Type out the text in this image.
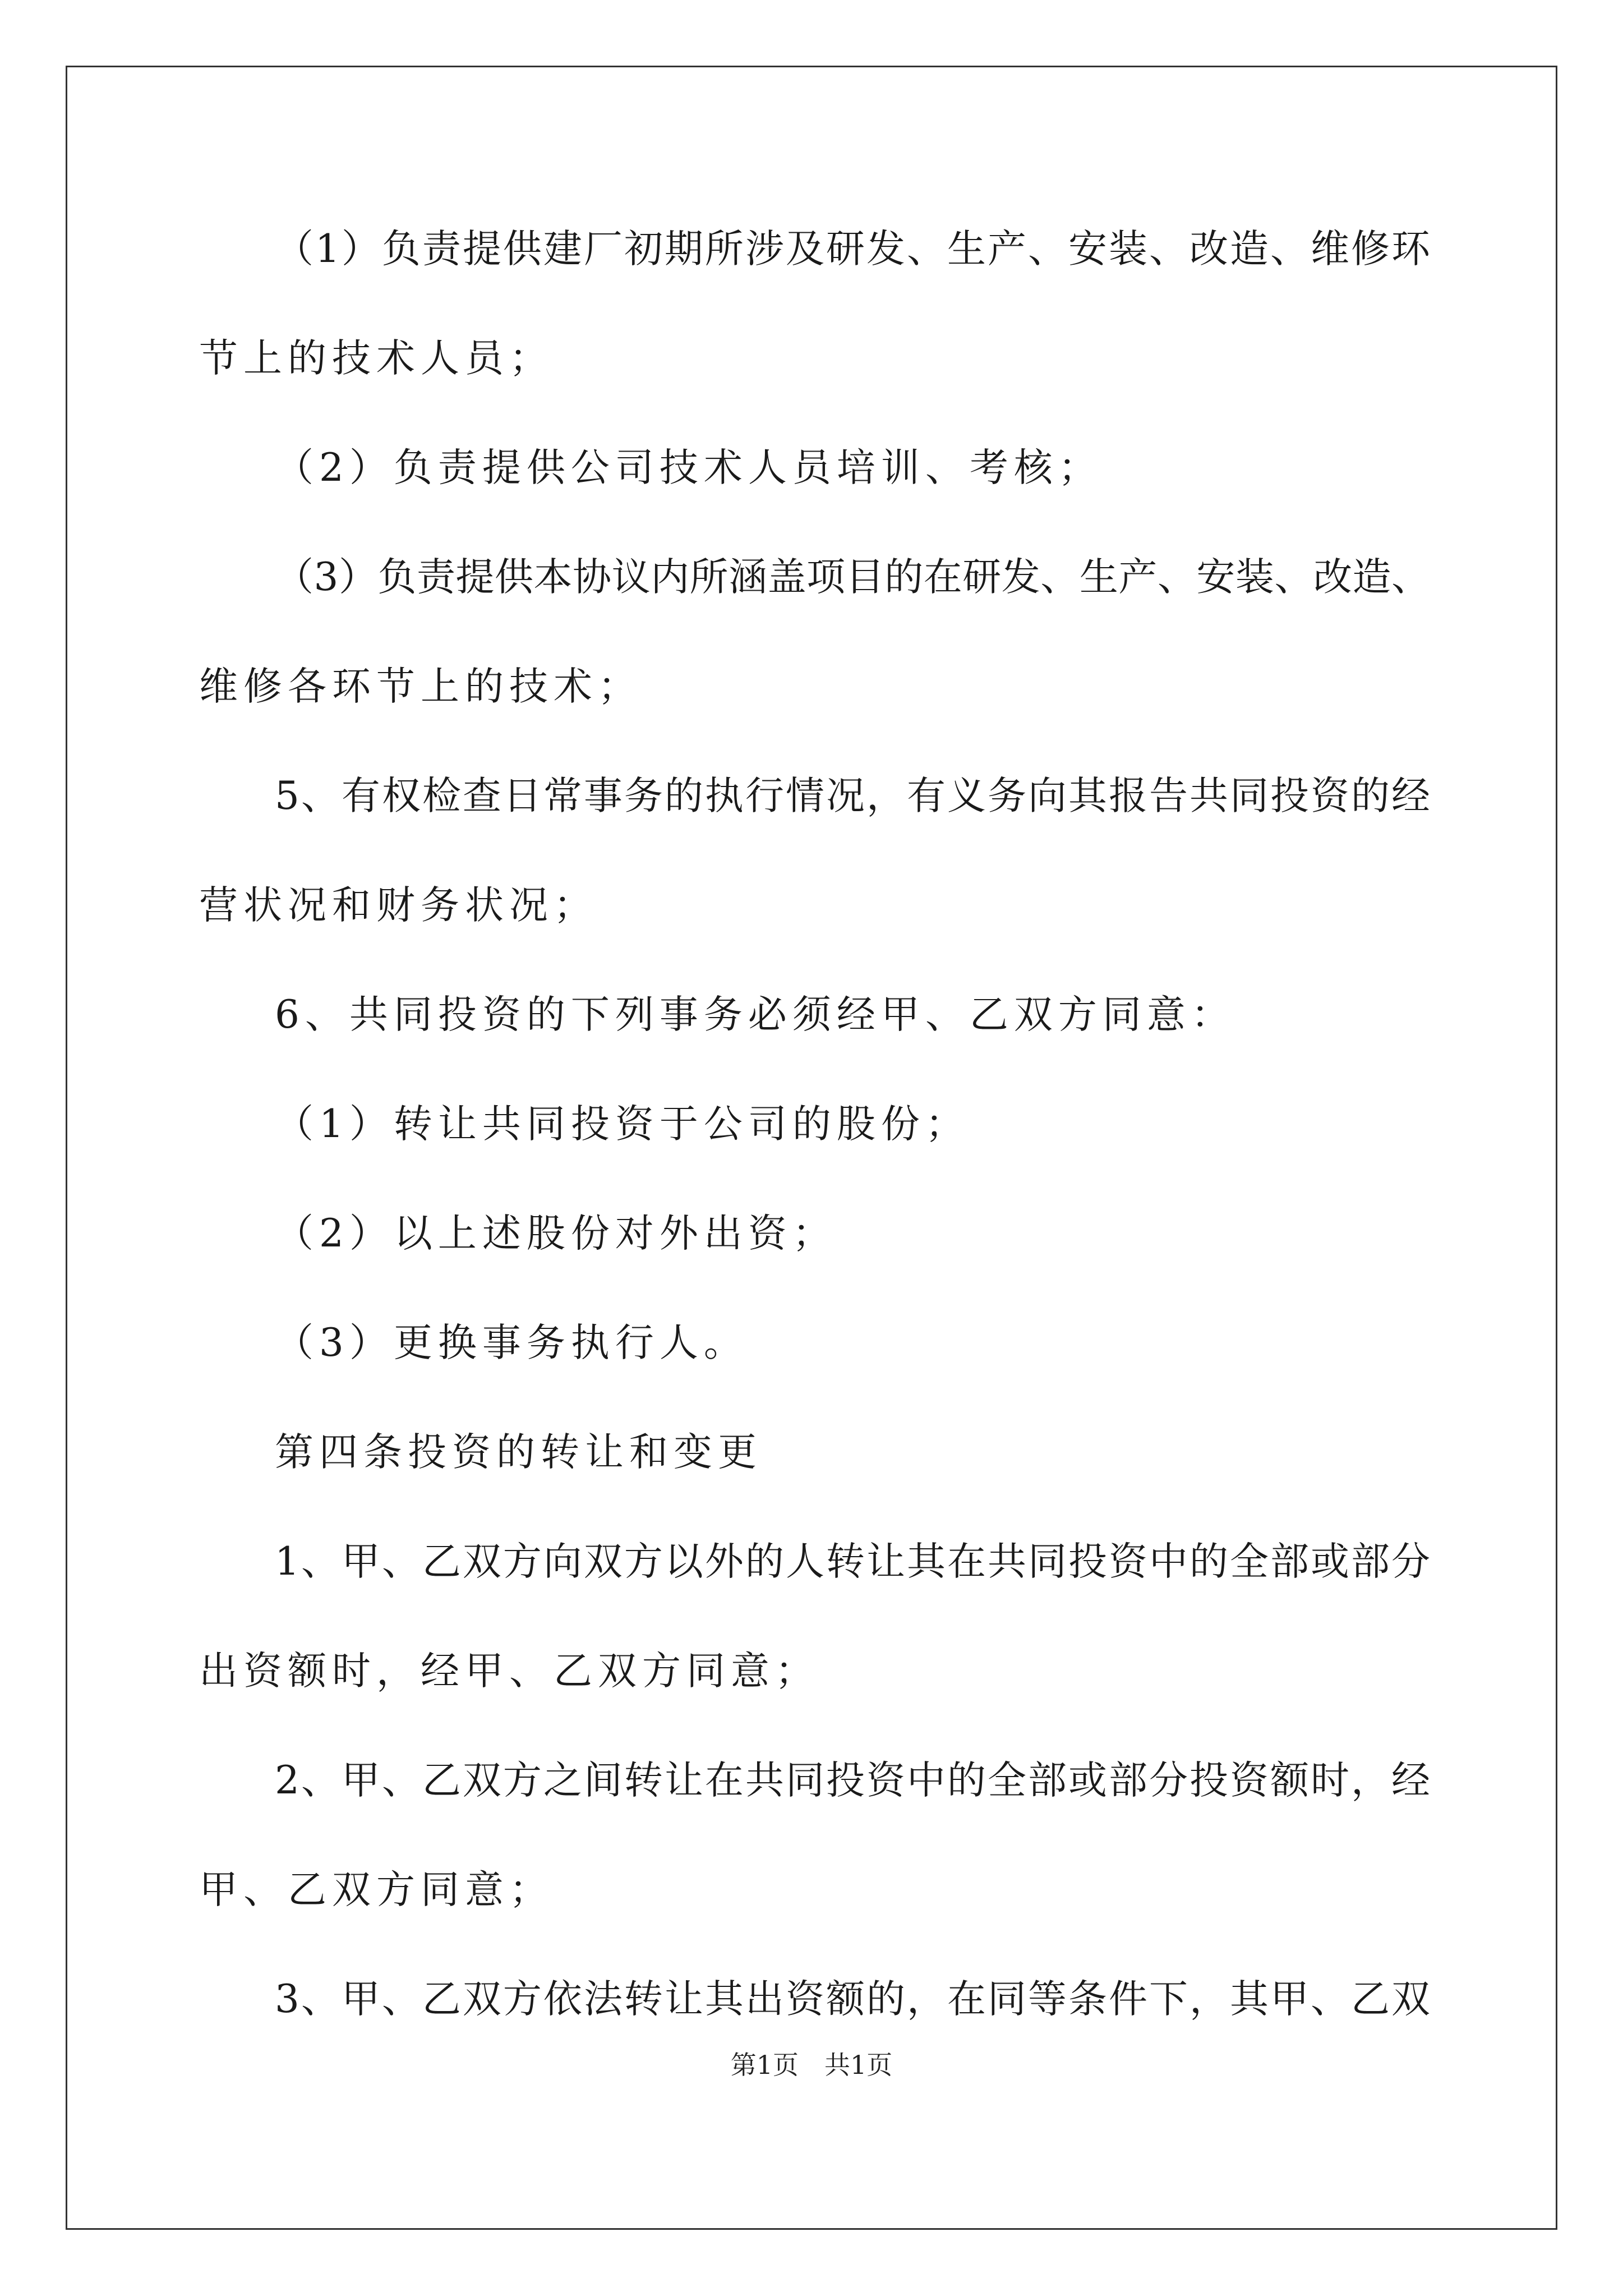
（1）负责提供建厂初期所涉及研发、生产、安装、改造、维修环
节上的技术人员；
（2）负责提供公司技术人员培训、考核；
（3）负责提供本协议内所涵盖项目的在研发、生产、安装、改造、
维修各环节上的技术；
5、有权检查日常事务的执行情况，有义务向其报告共同投资的经
营状况和财务状况；
6、共同投资的下列事务必须经甲、乙双方同意：
（1）转让共同投资于公司的股份；
（2）以上述股份对外出资；
（3）更换事务执行人。
第四条投资的转让和变更
1、甲、乙双方向双方以外的人转让其在共同投资中的全部或部分
出资额时，经甲、乙双方同意；
2、甲、乙双方之间转让在共同投资中的全部或部分投资额时，经
甲、乙双方同意；
3、甲、乙双方依法转让其出资额的，在同等条件下，其甲、乙双
第1页　共1页
